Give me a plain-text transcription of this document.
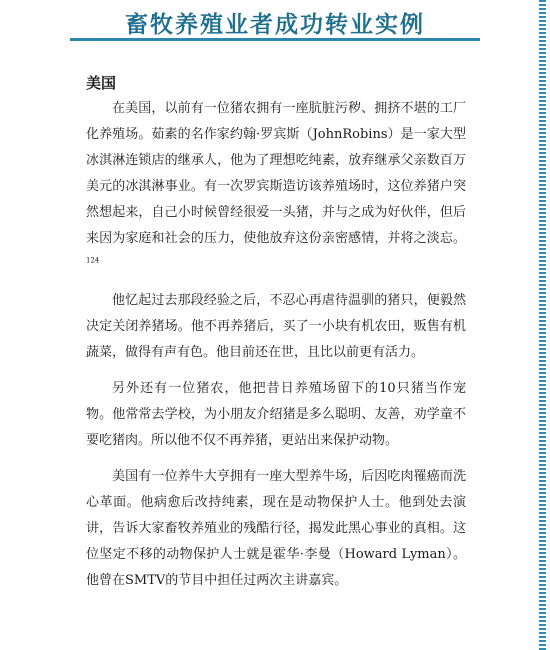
畜牧养殖业者成功转业实例
美国

在美国，以前有一位猪农拥有一座肮脏污秽、拥挤不堪的工厂化养殖场。茹素的名作家约翰·罗宾斯（JohnRobins）是一家大型冰淇淋连锁店的继承人，他为了理想吃纯素，放弃继承父亲数百万美元的冰淇淋事业。有一次罗宾斯造访该养殖场时，这位养猪户突然想起来，自己小时候曾经很爱一头猪，并与之成为好伙伴，但后来因为家庭和社会的压力，使他放弃这份亲密感情，并将之淡忘。$^{124}$

他忆起过去那段经验之后，不忍心再虐待温驯的猪只，便毅然决定关闭养猪场。他不再养猪后，买了一小块有机农田，贩售有机蔬菜，做得有声有色。他目前还在世，且比以前更有活力。

另外还有一位猪农，他把昔日养殖场留下的10只猪当作宠物。他常常去学校，为小朋友介绍猪是多么聪明、友善，劝学童不要吃猪肉。所以他不仅不再养猪，更站出来保护动物。

美国有一位养牛大亨拥有一座大型养牛场，后因吃肉罹癌而洗心革面。他病愈后改持纯素，现在是动物保护人士。他到处去演讲，告诉大家畜牧养殖业的残酷行径，揭发此黑心事业的真相。这位坚定不移的动物保护人士就是霍华·李曼（Howard Lyman）。他曾在SMTV的节目中担任过两次主讲嘉宾。
